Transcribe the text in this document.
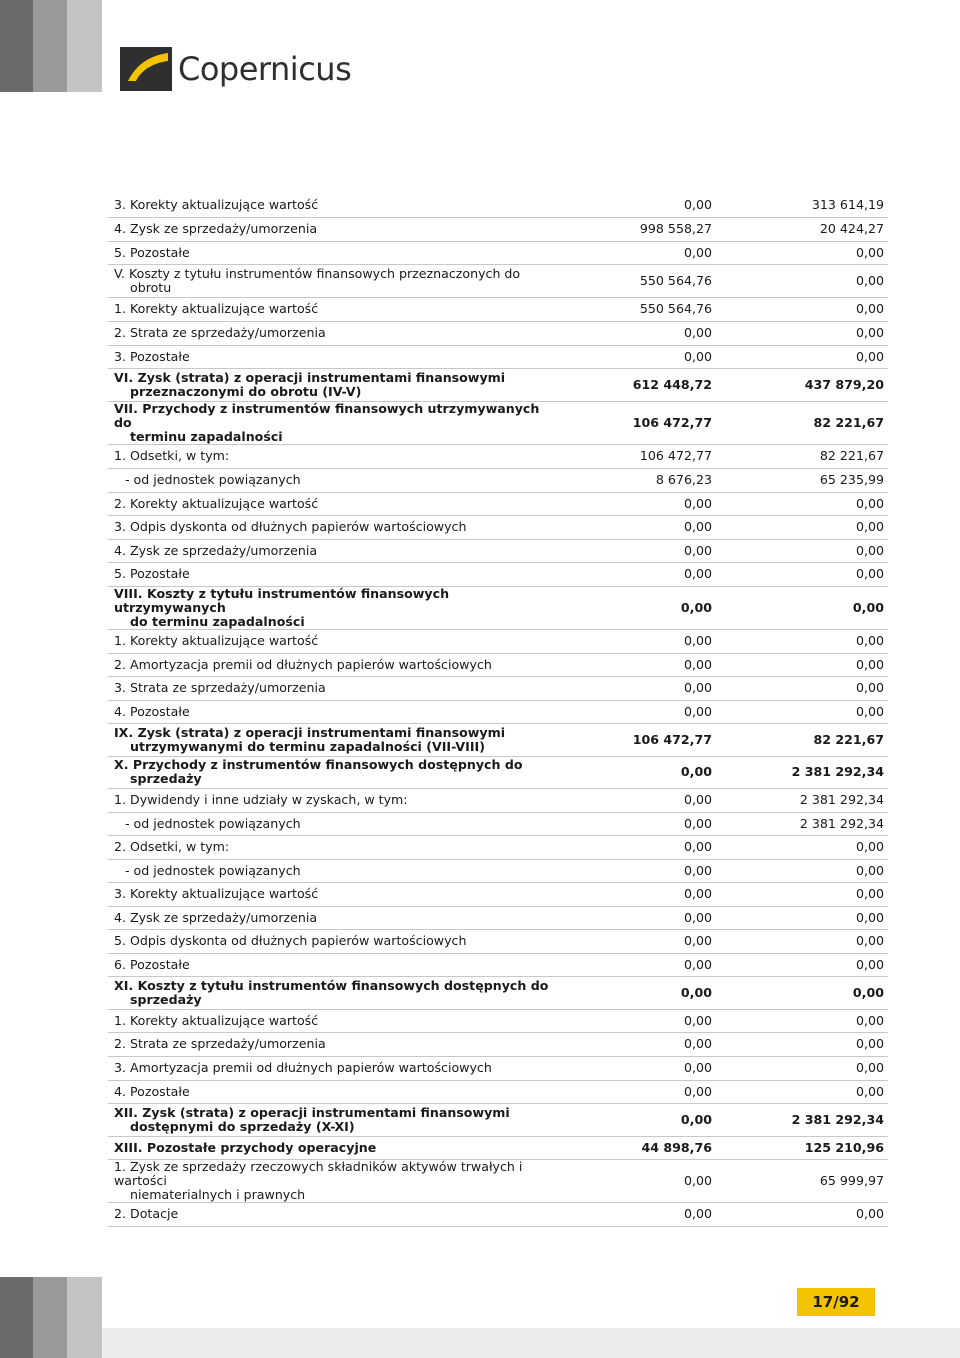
Copernicus
3. Korekty aktualizujące wartość	0,00	313 614,19
4. Zysk ze sprzedaży/umorzenia	998 558,27	20 424,27
5. Pozostałe	0,00	0,00
V. Koszty z tytułu instrumentów finansowych przeznaczonych do
obrotu	550 564,76	0,00
1. Korekty aktualizujące wartość	550 564,76	0,00
2. Strata ze sprzedaży/umorzenia	0,00	0,00
3. Pozostałe	0,00	0,00
VI. Zysk (strata) z operacji instrumentami finansowymi
przeznaczonymi do obrotu (IV-V)	612 448,72	437 879,20
VII. Przychody z instrumentów finansowych utrzymywanych do
terminu zapadalności	106 472,77	82 221,67
1. Odsetki, w tym:	106 472,77	82 221,67
- od jednostek powiązanych	8 676,23	65 235,99
2. Korekty aktualizujące wartość	0,00	0,00
3. Odpis dyskonta od dłużnych papierów wartościowych	0,00	0,00
4. Zysk ze sprzedaży/umorzenia	0,00	0,00
5. Pozostałe	0,00	0,00
VIII. Koszty z tytułu instrumentów finansowych utrzymywanych
do terminu zapadalności	0,00	0,00
1. Korekty aktualizujące wartość	0,00	0,00
2. Amortyzacja premii od dłużnych papierów wartościowych	0,00	0,00
3. Strata ze sprzedaży/umorzenia	0,00	0,00
4. Pozostałe	0,00	0,00
IX. Zysk (strata) z operacji instrumentami finansowymi
utrzymywanymi do terminu zapadalności (VII-VIII)	106 472,77	82 221,67
X. Przychody z instrumentów finansowych dostępnych do
sprzedaży	0,00	2 381 292,34
1. Dywidendy i inne udziały w zyskach, w tym:	0,00	2 381 292,34
- od jednostek powiązanych	0,00	2 381 292,34
2. Odsetki, w tym:	0,00	0,00
- od jednostek powiązanych	0,00	0,00
3. Korekty aktualizujące wartość	0,00	0,00
4. Zysk ze sprzedaży/umorzenia	0,00	0,00
5. Odpis dyskonta od dłużnych papierów wartościowych	0,00	0,00
6. Pozostałe	0,00	0,00
XI. Koszty z tytułu instrumentów finansowych dostępnych do
sprzedaży	0,00	0,00
1. Korekty aktualizujące wartość	0,00	0,00
2. Strata ze sprzedaży/umorzenia	0,00	0,00
3. Amortyzacja premii od dłużnych papierów wartościowych	0,00	0,00
4. Pozostałe	0,00	0,00
XII. Zysk (strata) z operacji instrumentami finansowymi
dostępnymi do sprzedaży (X-XI)	0,00	2 381 292,34
XIII. Pozostałe przychody operacyjne	44 898,76	125 210,96
1. Zysk ze sprzedaży rzeczowych składników aktywów trwałych i wartości
niematerialnych i prawnych	0,00	65 999,97
2. Dotacje	0,00	0,00
17/92
